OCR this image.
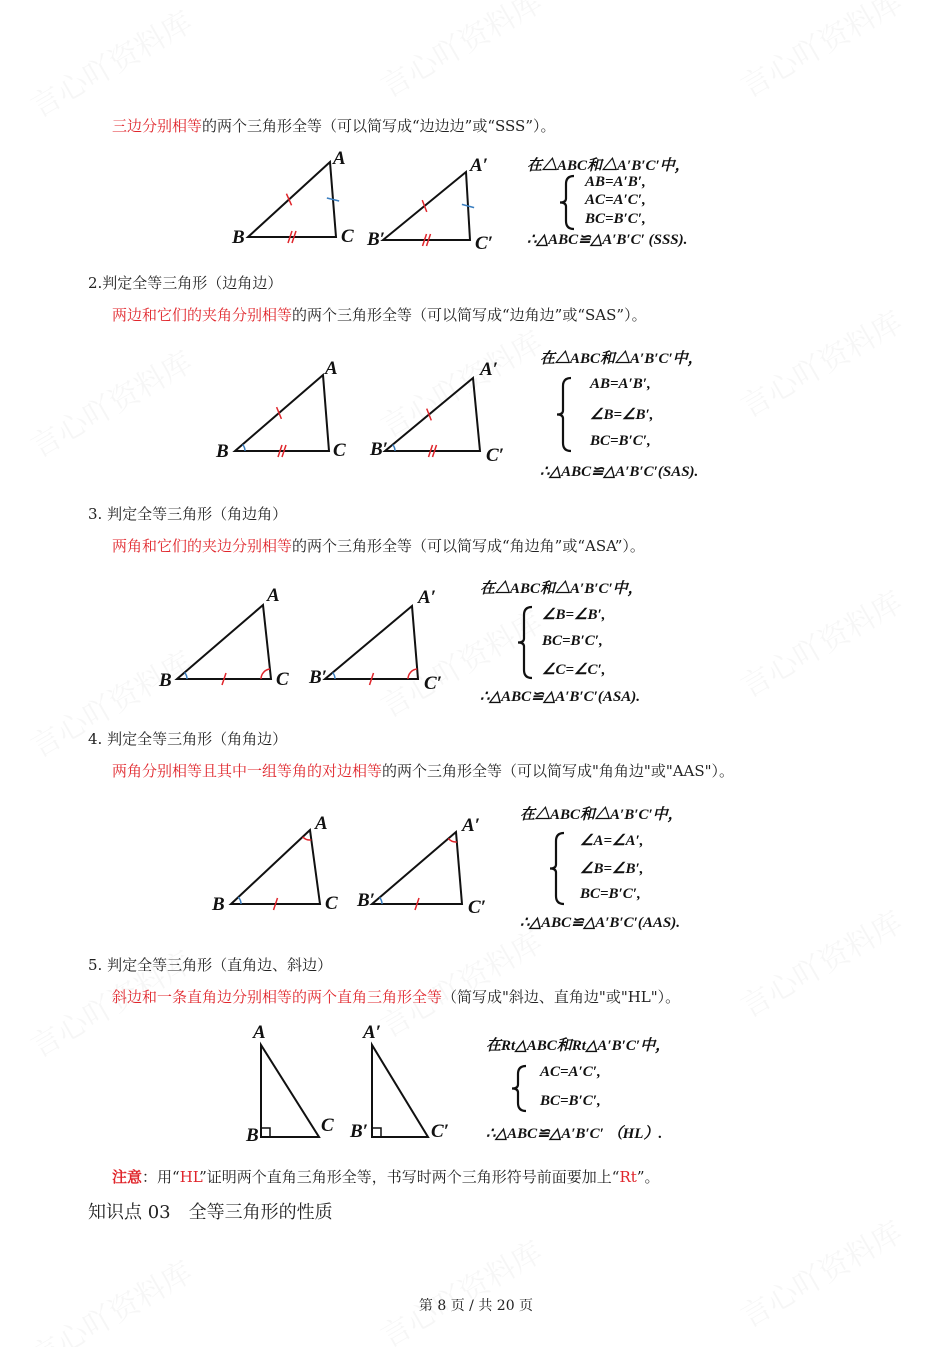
三边分别相等的两个三角形全等（可以简写成“边边边”或“SSS”）。
2.判定全等三角形（边角边）
两边和它们的夹角分别相等的两个三角形全等（可以简写成“边角边”或“SAS”）。
3. 判定全等三角形（角边角）
两角和它们的夹边分别相等的两个三角形全等（可以简写成“角边角”或“ASA”）。
4. 判定全等三角形（角角边）
两角分别相等且其中一组等角的对边相等的两个三角形全等（可以简写成"角角边"或"AAS"）。
5. 判定全等三角形（直角边、斜边）
斜边和一条直角边分别相等的两个直角三角形全等（简写成"斜边、直角边"或"HL"）。
注意：用“HL”证明两个直角三角形全等，书写时两个三角形符号前面要加上“Rt”。
知识点 03　全等三角形的性质
第 8 页 / 共 20 页
A
B	C
A′
B′	C′
在△ABC和△A′B′C′中，
AB=A′B′,
AC=A′C′,
BC=B′C′,
∴△ABC≌△A′B′C′ (SSS).
A
B	C
A′
B′	C′
在△ABC和△A′B′C′中，
AB=A′B′,
∠B=∠B′,
BC=B′C′,
∴△ABC≌△A′B′C′(SAS).
A
B	C
A′
B′	C′
在△ABC和△A′B′C′中，
∠B=∠B′,
BC=B′C′,
∠C=∠C′,
∴△ABC≌△A′B′C′(ASA).
A
B	C
A′
B′	C′
在△ABC和△A′B′C′中，
∠A=∠A′,
∠B=∠B′,
BC=B′C′,
∴△ABC≌△A′B′C′(AAS).
A
B	C
A′
B′	C′
在Rt△ABC和Rt△A′B′C′中，
AC=A′C′,
BC=B′C′,
∴△ABC≌△A′B′C′ （HL）.
